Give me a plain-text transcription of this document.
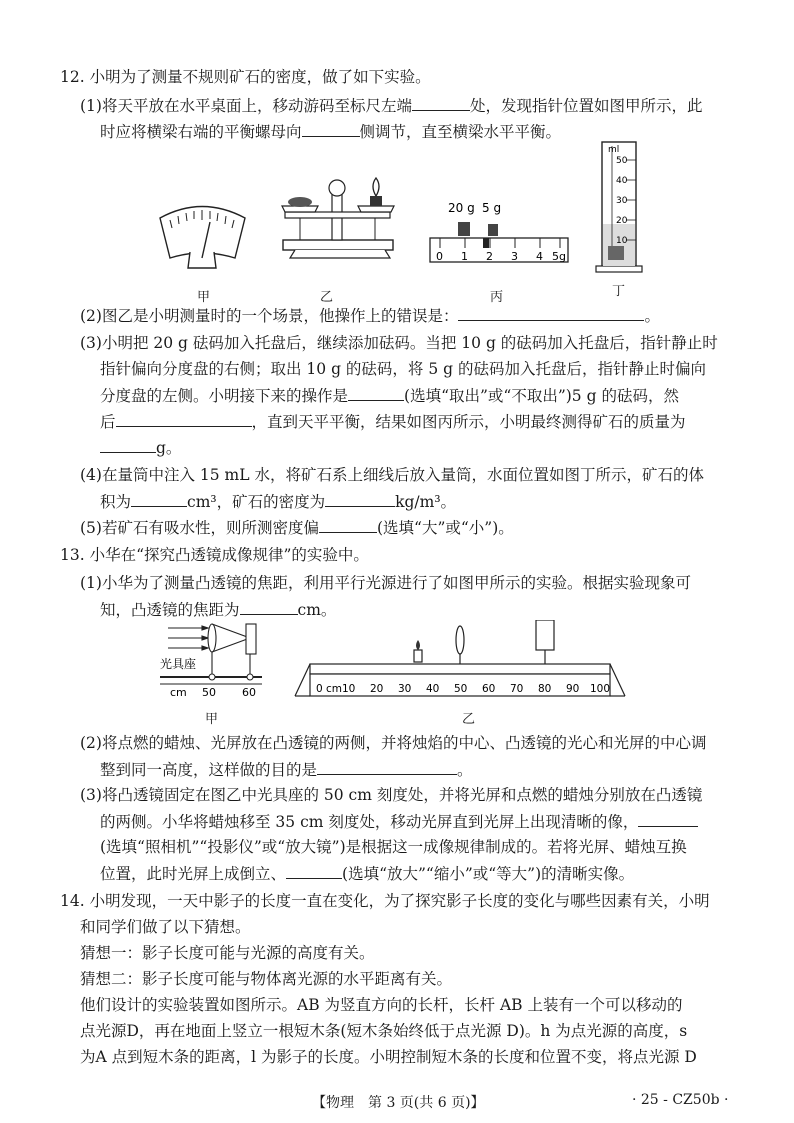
12. 小明为了测量不规则矿石的密度，做了如下实验。
(1)将天平放在水平桌面上，移动游码至标尺左端	处，发现指针位置如图甲所示，此
时应将横梁右端的平衡螺母向	侧调节，直至横梁水平平衡。
20 g 5 g
0 1 2 3 4 5g
ml
50
40
30
20
10
甲	乙	丙	丁
(2)图乙是小明测量时的一个场景，他操作上的错误是：	。
(3)小明把 20 g 砝码加入托盘后，继续添加砝码。当把 10 g 的砝码加入托盘后，指针静止时
指针偏向分度盘的右侧；取出 10 g 的砝码，将 5 g 的砝码加入托盘后，指针静止时偏向
分度盘的左侧。小明接下来的操作是	(选填“取出”或“不取出”)5 g 的砝码，然
后	，直到天平平衡，结果如图丙所示，小明最终测得矿石的质量为
g。
(4)在量筒中注入 15 mL 水，将矿石系上细线后放入量筒，水面位置如图丁所示，矿石的体
积为	cm³，矿石的密度为	kg/m³。
(5)若矿石有吸水性，则所测密度偏	(选填“大”或“小”)。
13. 小华在“探究凸透镜成像规律”的实验中。
(1)小华为了测量凸透镜的焦距，利用平行光源进行了如图甲所示的实验。根据实验现象可
知，凸透镜的焦距为	cm。
光具座
cm 50 60	0 cm 10 20 30 40 50 60 70 80 90 100
甲	乙
(2)将点燃的蜡烛、光屏放在凸透镜的两侧，并将烛焰的中心、凸透镜的光心和光屏的中心调
整到同一高度，这样做的目的是	。
(3)将凸透镜固定在图乙中光具座的 50 cm 刻度处，并将光屏和点燃的蜡烛分别放在凸透镜
的两侧。小华将蜡烛移至 35 cm 刻度处，移动光屏直到光屏上出现清晰的像，
(选填“照相机”“投影仪”或“放大镜”)是根据这一成像规律制成的。若将光屏、蜡烛互换
位置，此时光屏上成倒立、	(选填“放大”“缩小”或“等大”)的清晰实像。
14. 小明发现，一天中影子的长度一直在变化，为了探究影子长度的变化与哪些因素有关，小明
和同学们做了以下猜想。
猜想一：影子长度可能与光源的高度有关。
猜想二：影子长度可能与物体离光源的水平距离有关。
他们设计的实验装置如图所示。AB 为竖直方向的长杆，长杆 AB 上装有一个可以移动的
点光源D，再在地面上竖立一根短木条(短木条始终低于点光源 D)。h 为点光源的高度，s
为A 点到短木条的距离，l 为影子的长度。小明控制短木条的长度和位置不变，将点光源 D
【物理　第 3 页(共 6 页)】	· 25 - CZ50b ·
